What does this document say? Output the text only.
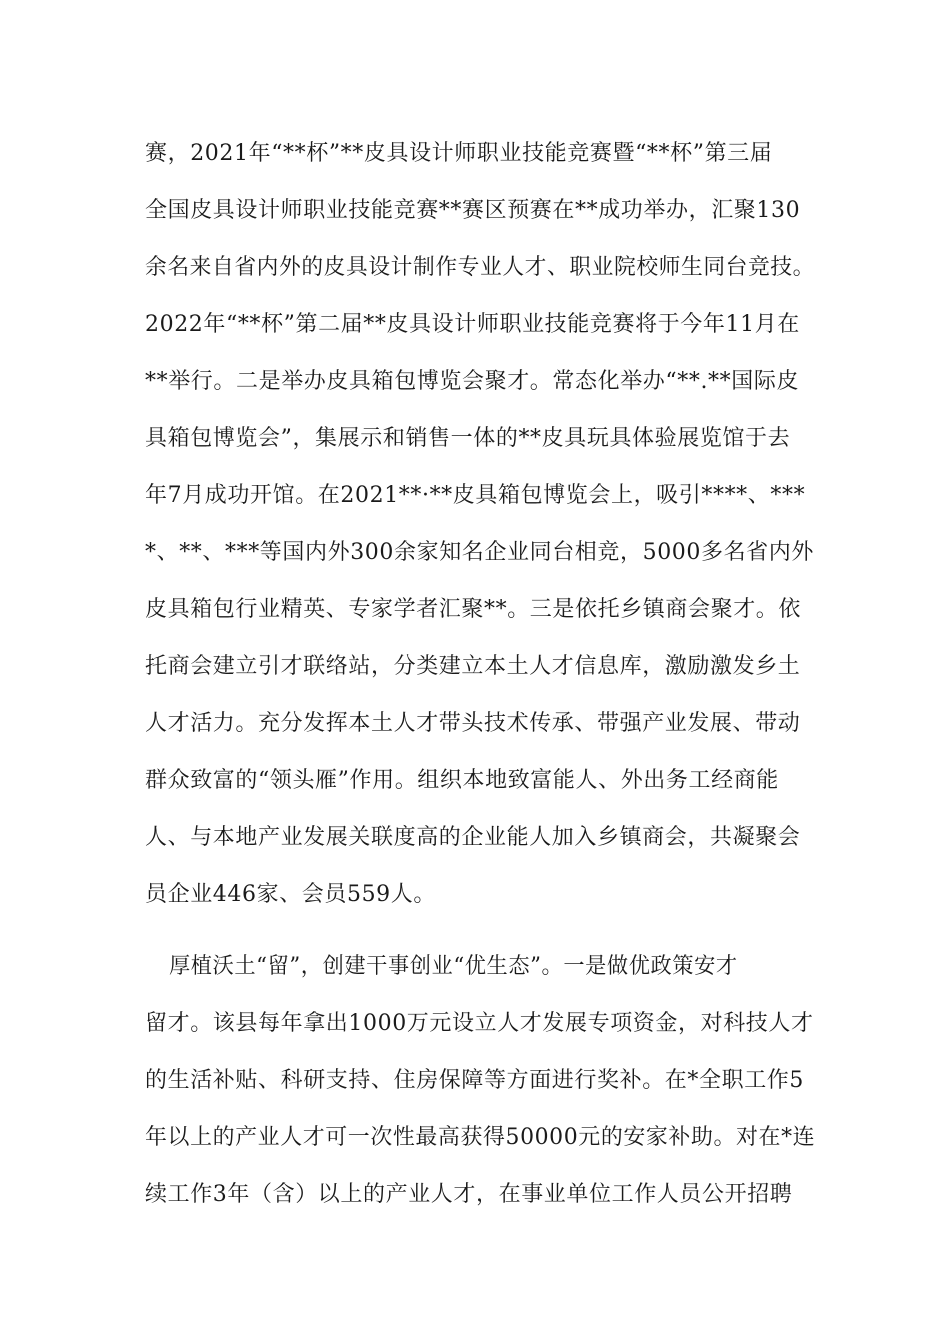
赛，2021年“**杯”**皮具设计师职业技能竞赛暨“**杯”第三届
全国皮具设计师职业技能竞赛**赛区预赛在**成功举办，汇聚130
余名来自省内外的皮具设计制作专业人才、职业院校师生同台竞技。
2022年“**杯”第二届**皮具设计师职业技能竞赛将于今年11月在
**举行。二是举办皮具箱包博览会聚才。常态化举办“**.**国际皮
具箱包博览会”，集展示和销售一体的**皮具玩具体验展览馆于去
年7月成功开馆。在2021**·**皮具箱包博览会上，吸引****、***
*、**、***等国内外300余家知名企业同台相竞，5000多名省内外
皮具箱包行业精英、专家学者汇聚**。三是依托乡镇商会聚才。依
托商会建立引才联络站，分类建立本土人才信息库，激励激发乡土
人才活力。充分发挥本土人才带头技术传承、带强产业发展、带动
群众致富的“领头雁”作用。组织本地致富能人、外出务工经商能
人、与本地产业发展关联度高的企业能人加入乡镇商会，共凝聚会
员企业446家、会员559人。
厚植沃土“留”，创建干事创业“优生态”。一是做优政策安才
留才。该县每年拿出1000万元设立人才发展专项资金，对科技人才
的生活补贴、科研支持、住房保障等方面进行奖补。在*全职工作5
年以上的产业人才可一次性最高获得50000元的安家补助。对在*连
续工作3年（含）以上的产业人才，在事业单位工作人员公开招聘
